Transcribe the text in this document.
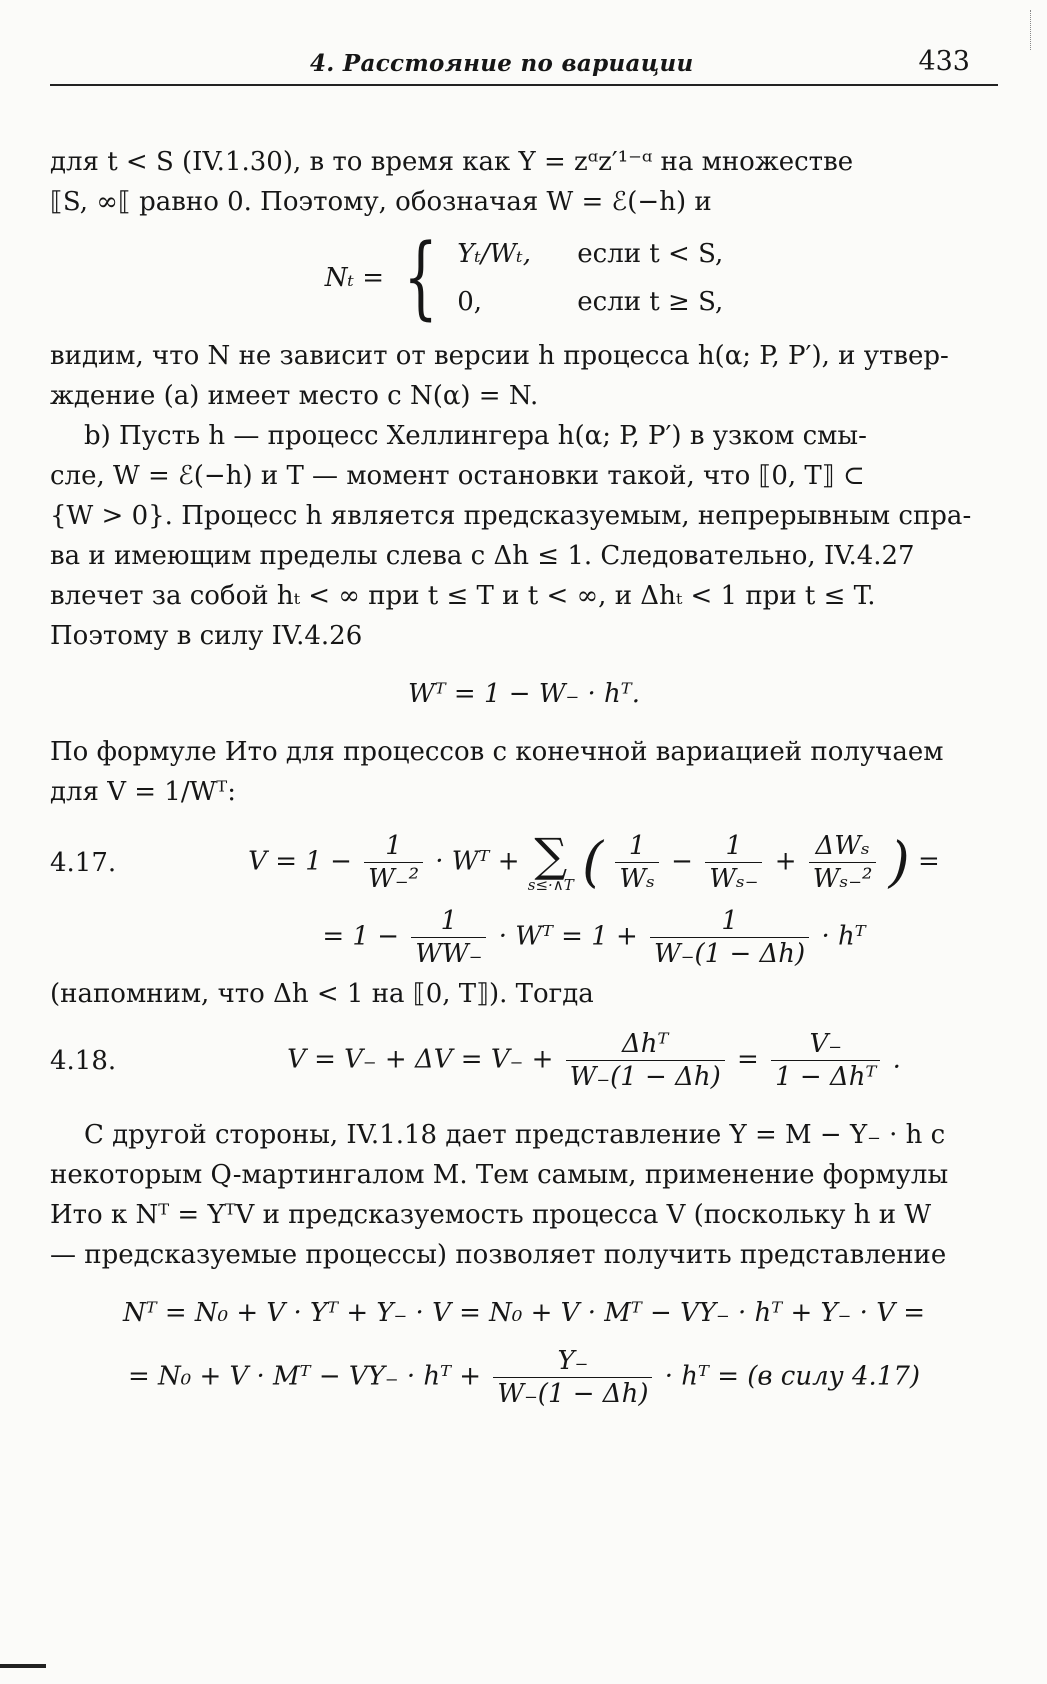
4. Расстояние по вариации	433

для t < S (IV.1.30), в то время как Y = zᵅz′¹⁻ᵅ на множестве
⟦S, ∞⟦ равно 0. Поэтому, обозначая W = ℰ(−h) и

Nₜ = { Yₜ/Wₜ, если t < S,
0,	если t ≥ S,

видим, что N не зависит от версии h процесса h(α; P, P′), и утвер-
ждение (a) имеет место с N(α) = N.

b) Пусть h — процесс Хеллингера h(α; P, P′) в узком смы-
сле, W = ℰ(−h) и T — момент остановки такой, что ⟦0, T⟧ ⊂
{W > 0}. Процесс h является предсказуемым, непрерывным спра-
ва и имеющим пределы слева с Δh ≤ 1. Следовательно, IV.4.27
влечет за собой hₜ < ∞ при t ≤ T и t < ∞, и Δhₜ < 1 при t ≤ T.
Поэтому в силу IV.4.26

Wᵀ = 1 − W₋ · hᵀ.

По формуле Ито для процессов с конечной вариацией получаем
для V = 1/Wᵀ:

4.17.	$V = 1 - \frac{1}{\text{W₋²}}$ · Wᵀ + ∑
s≤·∧T ( $\frac{1}{\text{Wₛ}} - \frac{1}{\text{Wₛ₋}} + \frac{\text{ΔWₛ}}{\text{Wₛ₋²}}$ ) =
= $1 - \frac{1}{WW_-}$ · Wᵀ = $1 + \frac{1}{W_-(1 - \Delta h)}$ · hᵀ

(напомним, что Δh < 1 на ⟦0, T⟧). Тогда

4.18.	$V = V_- + \Delta V = V_- + \frac{\text{Δhᵀ}}{W_-(1 - \Delta h)} = \frac{V_-}{\text{1 − Δhᵀ}}$ .

С другой стороны, IV.1.18 дает представление Y = M − Y₋ · h с
некоторым Q-мартингалом M. Тем самым, применение формулы
Ито к Nᵀ = YᵀV и предсказуемость процесса V (поскольку h и W
— предсказуемые процессы) позволяет получить представление

Nᵀ = N₀ + V · Yᵀ + Y₋ · V = N₀ + V · Mᵀ − VY₋ · hᵀ + Y₋ · V =
= N₀ + V · Mᵀ − VY₋ · hᵀ + $\frac{Y_-}{W_-(1 - \Delta h)}$ · hᵀ = (в силу 4.17)
